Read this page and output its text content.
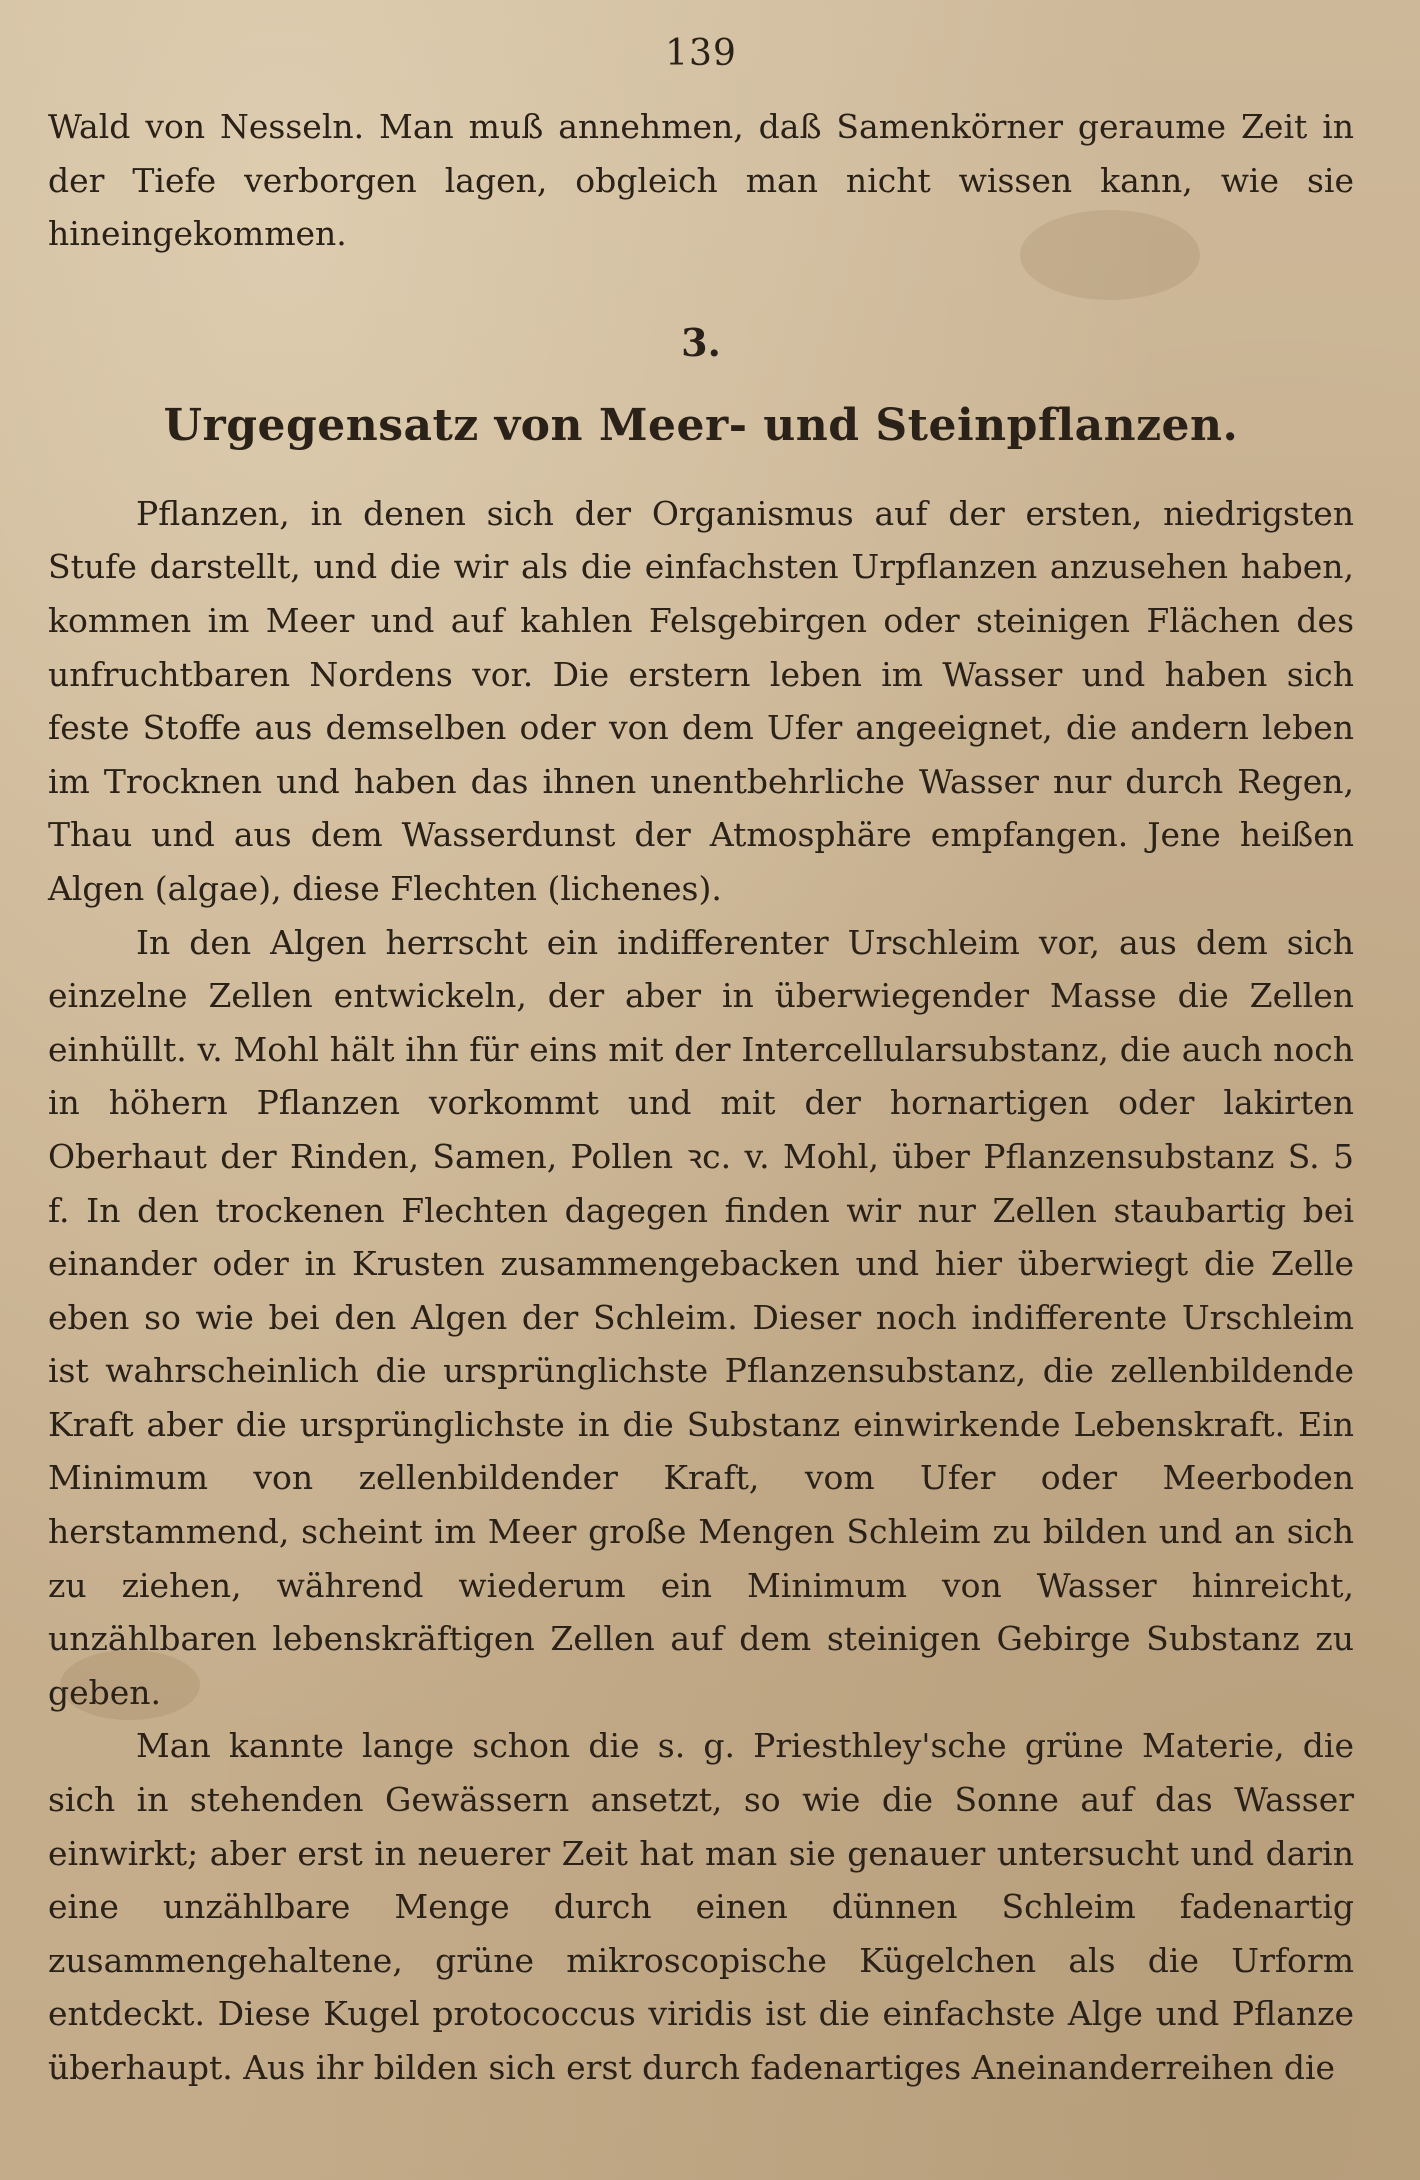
139

Wald von Nesseln. Man muß annehmen, daß Samenkörner geraume Zeit in der Tiefe verborgen lagen, obgleich man nicht wissen kann, wie sie hineingekommen.

3.
Urgegensatz von Meer- und Steinpflanzen.

Pflanzen, in denen sich der Organismus auf der ersten, niedrigsten Stufe darstellt, und die wir als die einfachsten Urpflanzen anzusehen haben, kommen im Meer und auf kahlen Felsgebirgen oder steinigen Flächen des unfruchtbaren Nordens vor. Die erstern leben im Wasser und haben sich feste Stoffe aus demselben oder von dem Ufer angeeignet, die andern leben im Trocknen und haben das ihnen unentbehrliche Wasser nur durch Regen, Thau und aus dem Wasserdunst der Atmosphäre empfangen. Jene heißen Algen (algae), diese Flechten (lichenes).

In den Algen herrscht ein indifferenter Urschleim vor, aus dem sich einzelne Zellen entwickeln, der aber in überwiegender Masse die Zellen einhüllt. v. Mohl hält ihn für eins mit der Intercellularsubstanz, die auch noch in höhern Pflanzen vorkommt und mit der hornartigen oder lakirten Oberhaut der Rinden, Samen, Pollen ꝛc. v. Mohl, über Pflanzensubstanz S. 5 f. In den trockenen Flechten dagegen finden wir nur Zellen staubartig bei einander oder in Krusten zusammengebacken und hier überwiegt die Zelle eben so wie bei den Algen der Schleim. Dieser noch indifferente Urschleim ist wahrscheinlich die ursprünglichste Pflanzensubstanz, die zellenbildende Kraft aber die ursprünglichste in die Substanz einwirkende Lebenskraft. Ein Minimum von zellenbildender Kraft, vom Ufer oder Meerboden herstammend, scheint im Meer große Mengen Schleim zu bilden und an sich zu ziehen, während wiederum ein Minimum von Wasser hinreicht, unzählbaren lebenskräftigen Zellen auf dem steinigen Gebirge Substanz zu geben.

Man kannte lange schon die s. g. Priesthley'sche grüne Materie, die sich in stehenden Gewässern ansetzt, so wie die Sonne auf das Wasser einwirkt; aber erst in neuerer Zeit hat man sie genauer untersucht und darin eine unzählbare Menge durch einen dünnen Schleim fadenartig zusammengehaltene, grüne mikroscopische Kügelchen als die Urform entdeckt. Diese Kugel protococcus viridis ist die einfachste Alge und Pflanze überhaupt. Aus ihr bilden sich erst durch fadenartiges Aneinanderreihen die
